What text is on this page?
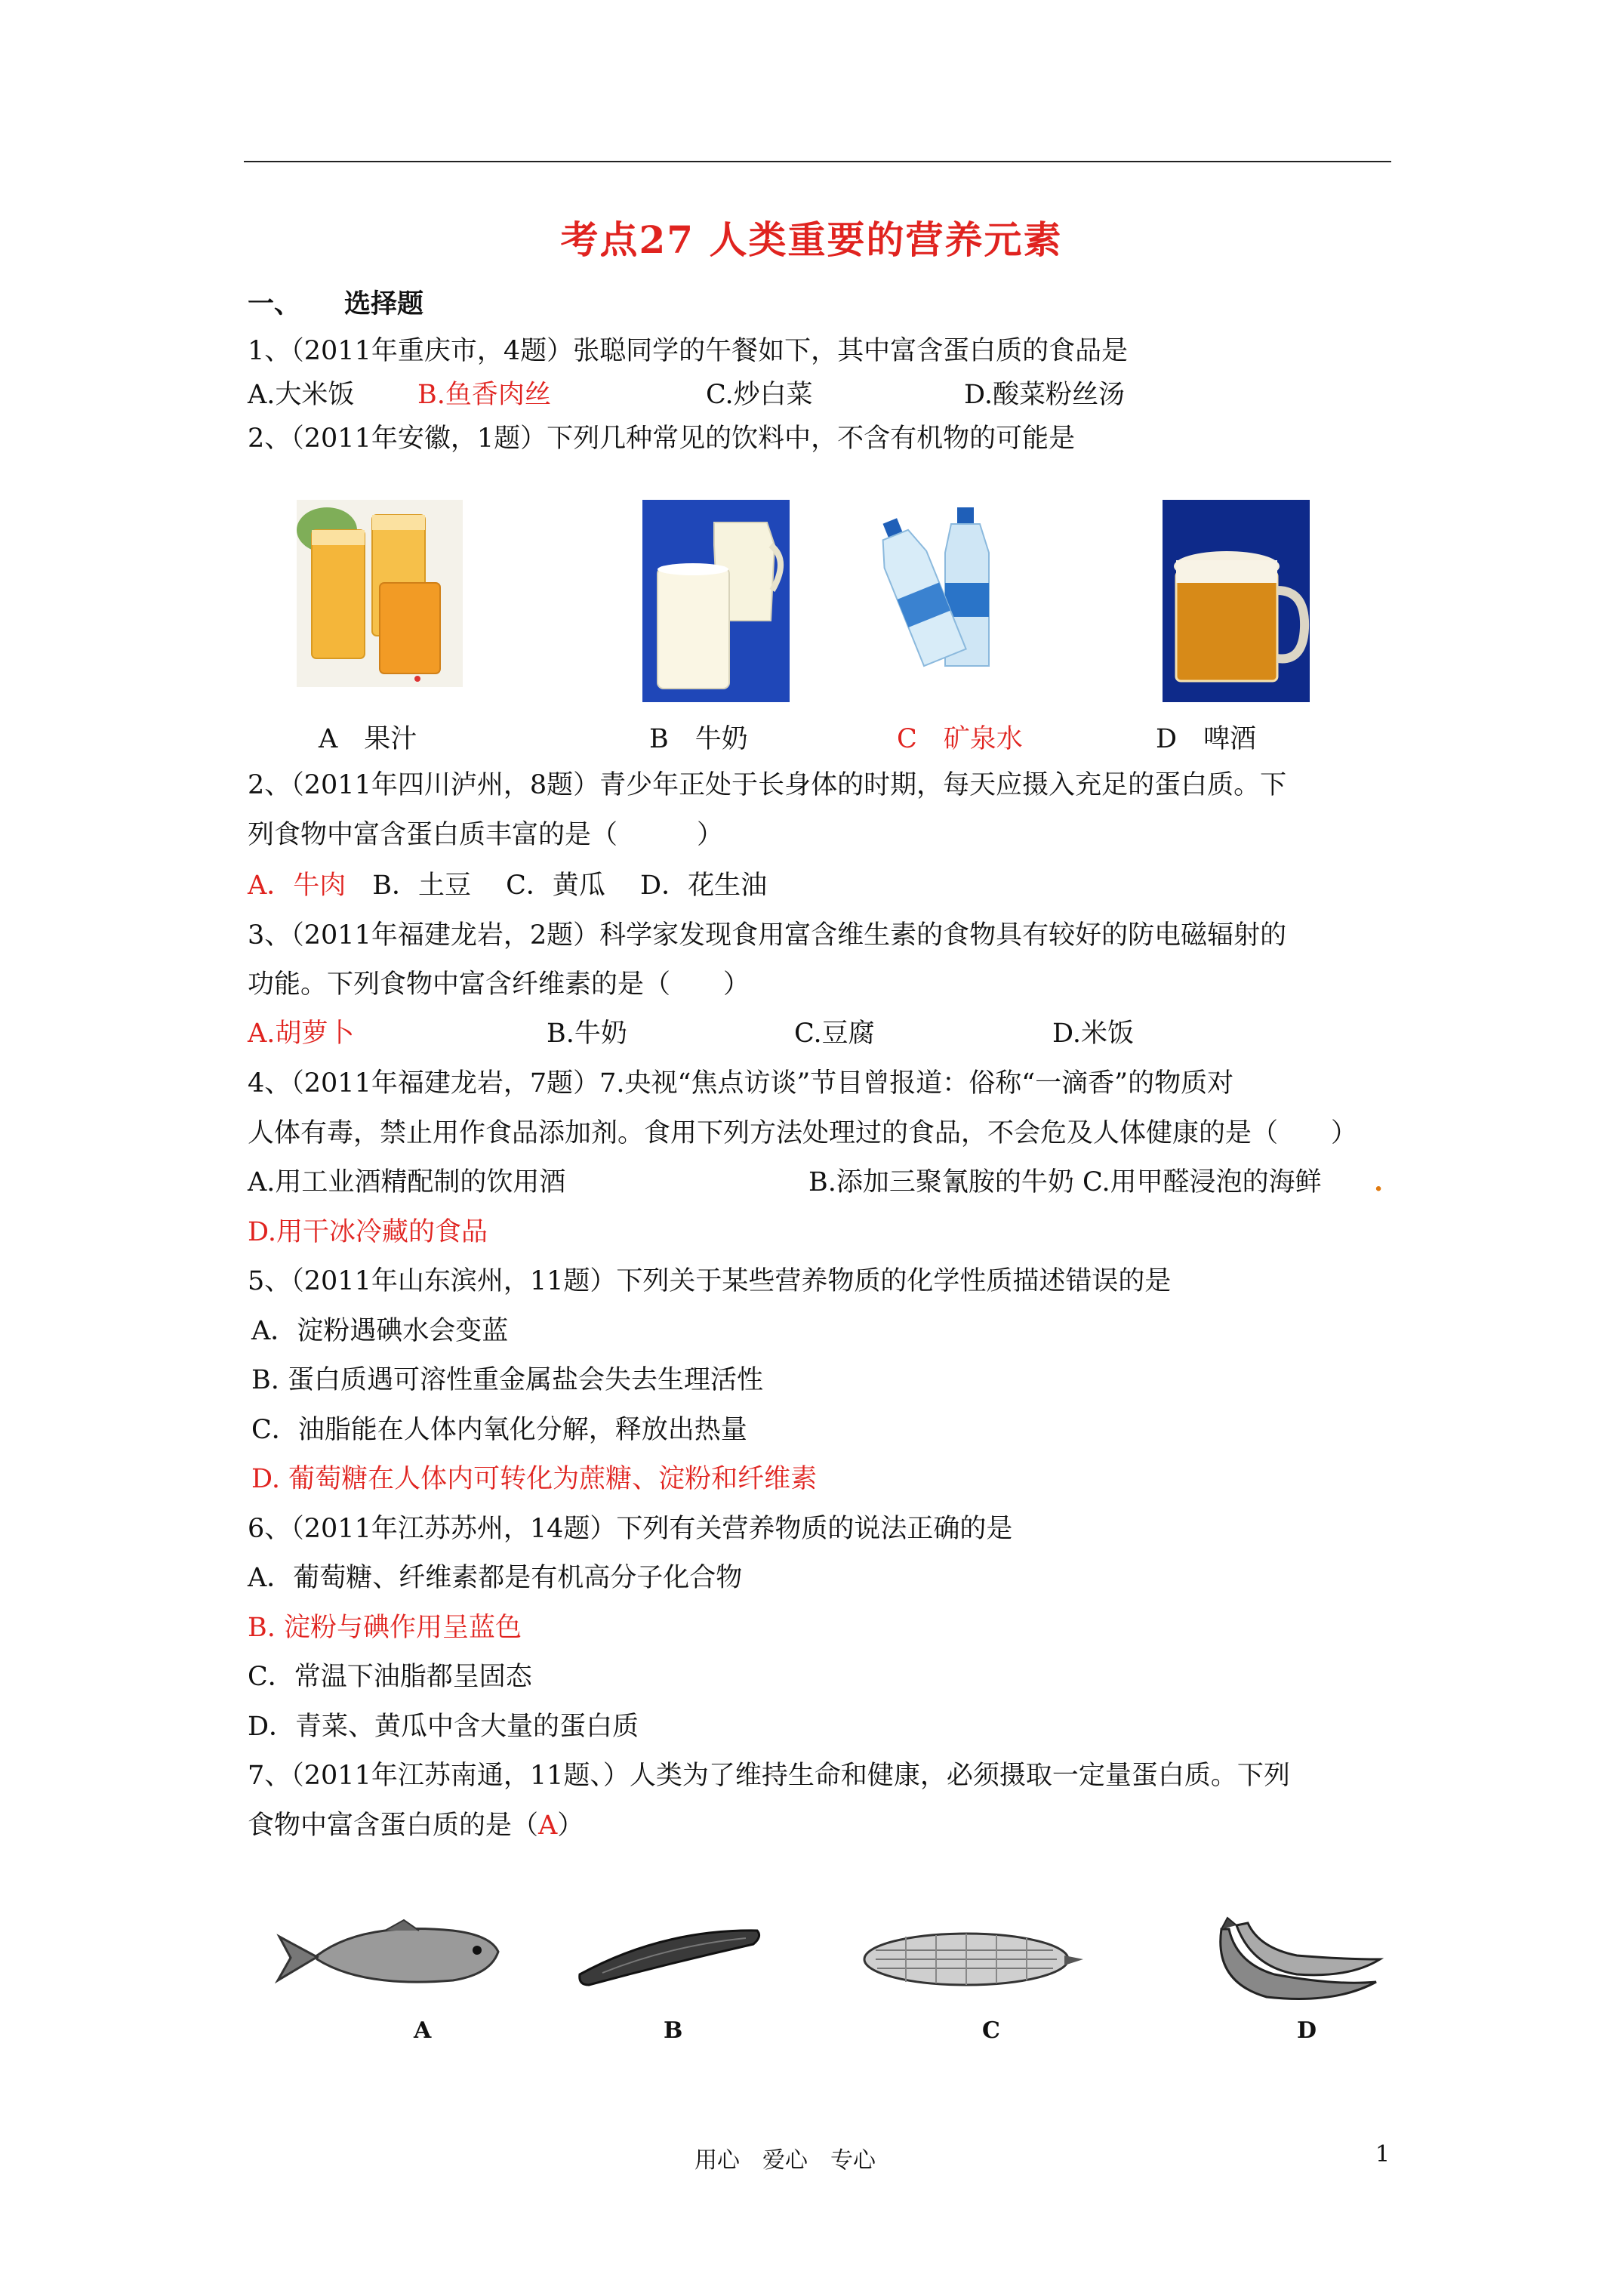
考点27 人类重要的营养元素
一、 选择题
1、（2011年重庆市，4题）张聪同学的午餐如下，其中富含蛋白质的食品是
A.大米饭 B.鱼香肉丝	C.炒白菜	D.酸菜粉丝汤
2、（2011年安徽，1题）下列几种常见的饮料中，不含有机物的可能是
A　果汁	B　牛奶	C　矿泉水	D　啤酒
2、（2011年四川泸州，8题）青少年正处于长身体的时期，每天应摄入充足的蛋白质。下
列食物中富含蛋白质丰富的是（　　　）
A．牛肉　B．土豆　 C．黄瓜　 D．花生油
3、（2011年福建龙岩，2题）科学家发现食用富含维生素的食物具有较好的防电磁辐射的
功能。下列食物中富含纤维素的是（　　）
A.胡萝卜	B.牛奶	C.豆腐	D.米饭
4、（2011年福建龙岩，7题）7.央视“焦点访谈”节目曾报道：俗称“一滴香”的物质对
人体有毒，禁止用作食品添加剂。食用下列方法处理过的食品，不会危及人体健康的是（　　）
A.用工业酒精配制的饮用酒	B.添加三聚氰胺的牛奶 C.用甲醛浸泡的海鲜 .
D.用干冰冷藏的食品
5、（2011年山东滨州，11题）下列关于某些营养物质的化学性质描述错误的是
A．淀粉遇碘水会变蓝
B. 蛋白质遇可溶性重金属盐会失去生理活性
C．油脂能在人体内氧化分解，释放出热量
D. 葡萄糖在人体内可转化为蔗糖、淀粉和纤维素
6、（2011年江苏苏州，14题）下列有关营养物质的说法正确的是
A．葡萄糖、纤维素都是有机高分子化合物
B. 淀粉与碘作用呈蓝色
C．常温下油脂都呈固态
D．青菜、黄瓜中含大量的蛋白质
7、（2011年江苏南通，11题、）人类为了维持生命和健康，必须摄取一定量蛋白质。下列
食物中富含蛋白质的是（A）
A	B	C	D
用心　爱心　专心	1
